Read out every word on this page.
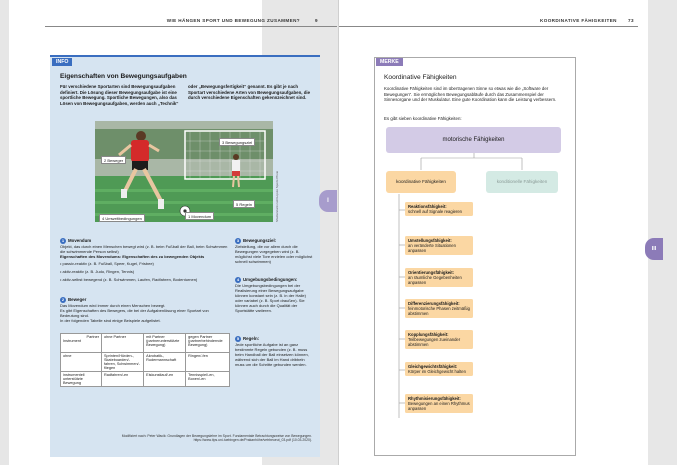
WIE HÄNGEN SPORT UND BEWEGUNG ZUSAMMEN?	9
INFO
Eigenschaften von Bewegungsaufgaben
Für verschiedene Sportarten sind Bewegungsaufgaben definiert. Die Lösung dieser Bewegungsaufgabe ist eine sportliche Bewegung. Sportliche Bewegungen, also das Lösen von Bewegungsaufgaben, werden auch „Technik“
oder „Bewegungsfertigkeit“ genannt. Es gibt je nach Sportart verschiedene Arten von Bewegungsaufgaben, die durch verschiedene Eigenschaften gekennzeichnet sind.
3 Bewegungsziel
2 Beweger
5 Regeln
1 Movendum
4 Umweltbedingungen	Shutterstock.com/Lopolo Sports Photo
1 Movendum
Objekt, das durch einen Menschen bewegt wird (z. B. beim Fußball der Ball, beim Schwimmen die schwimmende Person selbst)
Eigenschaften des Movendums: Eigenschaften des zu bewegenden Objekts
• passiv-reaktiv (z. B. Fußball, Speer, Kugel, Frisbee)
• aktiv-reaktiv (z. B. Judo, Ringen, Tennis)
• aktiv-selbst bewegend (z. B. Schwimmen, Laufen, Radfahren, Bodenturnen)
2 Beweger
Das Movendum wird immer durch einen Menschen bewegt.
Es gibt Eigenschaften des Bewegers, die bei der Aufgabenlösung einer Sportart von Bedeutung sind.
In der folgenden Tabelle sind einige Beispiele aufgelistet.
Partner
Instrument	ohne Partner	mit Partner (partnerunterstützte Bewegung)	gegen Partner (partnerbehindernde Bewegung)
ohne	Sprinten/Hürden-, Skateboarden/-fahren, Schwimmen/-fliegen	Akrobatik-, Rudermannschaft	Ringen/-fen
instrumentell unterstützte Bewegung	Radfahren/-en	Eiskunstlauf/-en	Tennisspiel/-en, Boxen/-en
3 Bewegungsziel:
Zielstellung, die vor allem durch die Bewegungen vorgegeben wird (z. B. möglichst viele Tore erzielen oder möglichst schnell schwimmen)
4 Umgebungsbedingungen:
Die Umgebungsbedingungen bei der Realisierung einer Bewegungsaufgabe können konstant sein (z. B. in der Halle) oder variabel (z. B. Sport draußen). Sie können auch durch die Qualität der Sportstätte variieren.
5 Regeln:
Jede sportliche Aufgabe ist an ganz bestimmte Regeln gebunden (z. B. muss beim Handball der Ball einsetzen können, während sich der Ball im Hand dribbeln muss um die Schritte gebunden werden.
Modifiziert nach: Peter Wacik: Grundlagen der Bewegungslehre im Sport. Fundamentale Betrachtungsweise von Bewegungen. https://www.tips.uni-tuebingen.de/Prakanhöhe/vetrbeueut_03.pdf (10.03.2020).
I
III
KOORDINATIVE FÄHIGKEITEN 73
MERKE
Koordinative Fähigkeiten
Koordinative Fähigkeiten sind im übertragenen Sinne so etwas wie die „Software der Bewegungen“. Sie ermöglichen Bewegungsabläufe durch das Zusammenspiel der Sinnesorgane und der Muskulatur. Eine gute Koordination kann die Leistung verbessern.
Es gibt sieben koordinative Fähigkeiten:
motorische Fähigkeiten
koordinative Fähigkeiten	konditionelle Fähigkeiten
Reaktionsfähigkeit:
schnell auf Signale reagieren
Umstellungsfähigkeit:
an veränderte Situationen anpassen
Orientierungsfähigkeit:
an räumliche Gegebenheiten anpassen
Differenzierungsfähigkeit:
feinmotorische Phasen zeitmäßig abstimmen
Kopplungsfähigkeit:
Teilbewegungen zueinander abstimmen
Gleichgewichtsfähigkeit:
Körper im Gleichgewicht halten
Rhythmisierungsfähigkeit:
Bewegungen an einen Rhythmus anpassen
